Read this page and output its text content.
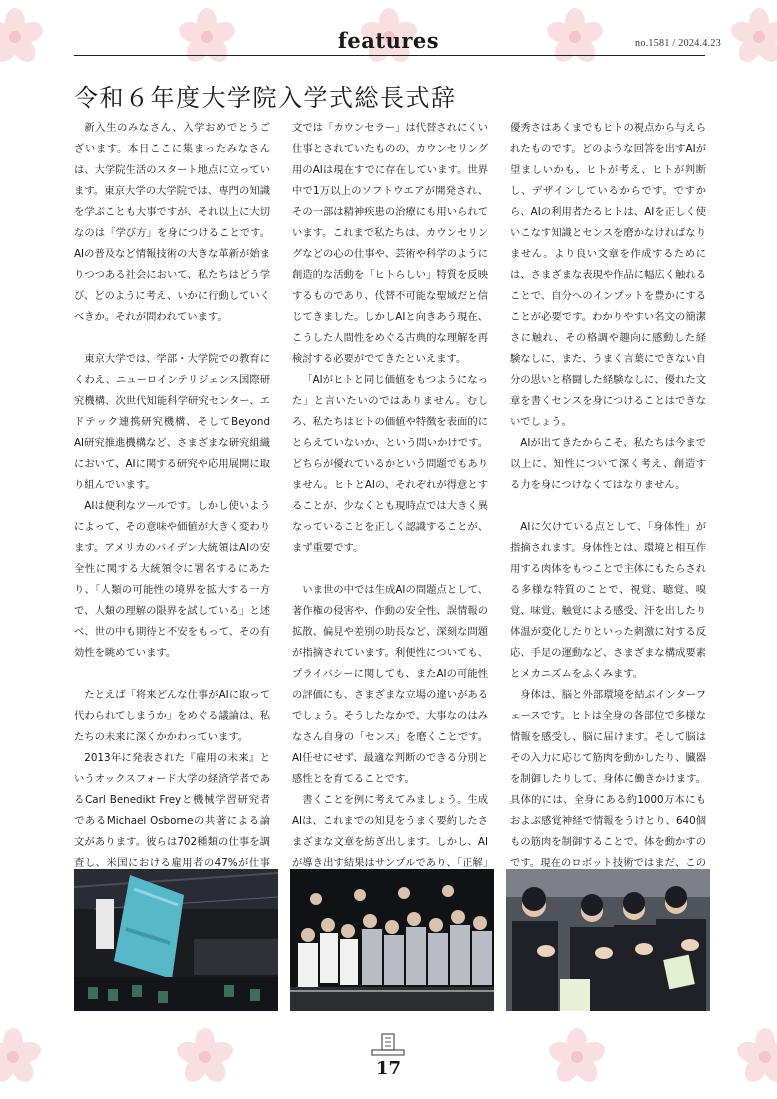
features	no.1581 / 2024.4.23
令和６年度大学院入学式総長式辞

新入生のみなさん、入学おめでとうございます。本日ここに集まったみなさんは、大学院生活のスタート地点に立っています。東京大学の大学院では、専門の知識を学ぶことも大事ですが、それ以上に大切なのは「学び方」を身につけることです。AIの普及など情報技術の大きな革新が始まりつつある社会において、私たちはどう学び、どのように考え、いかに行動していくべきか。それが問われています。

東京大学では、学部・大学院での教育にくわえ、ニューロインテリジェンス国際研究機構、次世代知能科学研究センター、エドテック連携研究機構、そしてBeyond AI研究推進機構など、さまざまな研究組織において、AIに関する研究や応用展開に取り組んでいます。

AIは便利なツールです。しかし使いようによって、その意味や価値が大きく変わります。アメリカのバイデン大統領はAIの安全性に関する大統領令に署名するにあたり、「人類の可能性の境界を拡大する一方で、人類の理解の限界を試している」と述べ、世の中も期待と不安をもって、その有効性を眺めています。

たとえば「将来どんな仕事がAIに取って代わられてしまうか」をめぐる議論は、私たちの未来に深くかかわっています。

2013年に発表された『雇用の未来』というオックスフォード大学の経済学者であるCarl Benedikt Freyと機械学習研究者であるMichael Osborneの共著による論文があります。彼らは702種類の仕事を調査し、米国における雇用者の47%が仕事

文では「カウンセラー」は代替されにくい仕事とされていたものの、カウンセリング用のAIは現在すでに存在しています。世界中で1万以上のソフトウエアが開発され、その一部は精神疾患の治療にも用いられています。これまで私たちは、カウンセリングなどの心の仕事や、芸術や科学のように創造的な活動を「ヒトらしい」特質を反映するものであり、代替不可能な聖域だと信じてきました。しかしAIと向きあう現在、こうした人間性をめぐる古典的な理解を再検討する必要がでてきたといえます。

「AIがヒトと同じ価値をもつようになった」と言いたいのではありません。むしろ、私たちはヒトの価値や特徴を表面的にとらえていないか、という問いかけです。どちらが優れているかという問題でもありません。ヒトとAIの、それぞれが得意とすることが、少なくとも現時点では大きく異なっていることを正しく認識することが、まず重要です。

いま世の中では生成AIの問題点として、著作権の侵害や、作動の安全性、誤情報の拡散、偏見や差別の助長など、深刻な問題が指摘されています。利便性についても、プライバシーに関しても、またAIの可能性の評価にも、さまざまな立場の違いがあるでしょう。そうしたなかで、大事なのはみなさん自身の「センス」を磨くことです。AI任せにせず、最適な判断のできる分別と感性とを育てることです。

書くことを例に考えてみましょう。生成AIは、これまでの知見をうまく要約したさまざまな文章を紡ぎ出します。しかし、AIが導き出す結果はサンプルであり、「正解」

優秀さはあくまでもヒトの視点から与えられたものです。どのような回答を出すAIが望ましいかも、ヒトが考え、ヒトが判断し、デザインしているからです。ですから、AIの利用者たるヒトは、AIを正しく使いこなす知識とセンスを磨かなければなりません。より良い文章を作成するためには、さまざまな表現や作品に幅広く触れることで、自分へのインプットを豊かにすることが必要です。わかりやすい名文の簡潔さに触れ、その格調や趣向に感動した経験なしに、また、うまく言葉にできない自分の思いと格闘した経験なしに、優れた文章を書くセンスを身につけることはできないでしょう。

AIが出てきたからこそ、私たちは今まで以上に、知性について深く考え、創造する力を身につけなくてはなりません。

AIに欠けている点として、「身体性」が指摘されます。身体性とは、環境と相互作用する肉体をもつことで主体にもたらされる多様な特質のことで、視覚、聴覚、嗅覚、味覚、触覚による感受、汗を出したり体温が変化したりといった刺激に対する反応、手足の運動など、さまざまな構成要素とメカニズムをふくみます。

身体は、脳と外部環境を結ぶインターフェースです。ヒトは全身の各部位で多様な情報を感受し、脳に届けます。そして脳はその入力に応じて筋肉を動かしたり、臓器を制御したりして、身体に働きかけます。具体的には、全身にある約1000万本にもおよぶ感覚神経で情報をうけとり、640個もの筋肉を制御することで、体を動かすのです。現在のロボット技術ではまだ、この

17
